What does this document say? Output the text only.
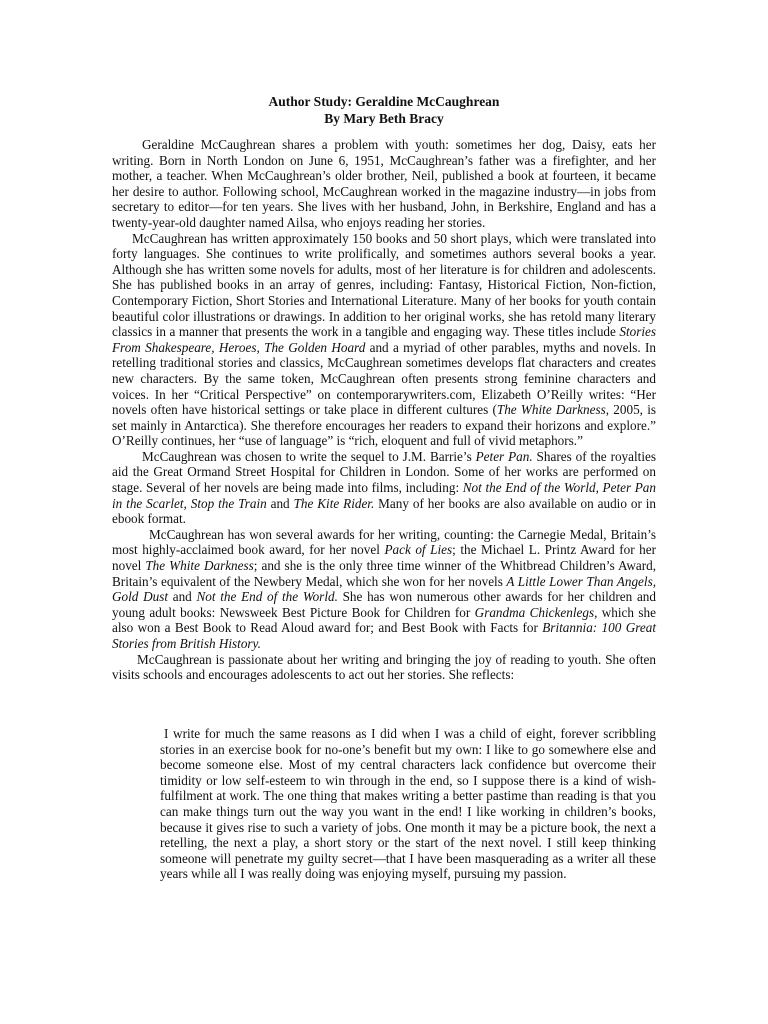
Author Study: Geraldine McCaughrean
By Mary Beth Bracy

Geraldine McCaughrean shares a problem with youth: sometimes her dog, Daisy, eats her writing. Born in North London on June 6, 1951, McCaughrean’s father was a firefighter, and her mother, a teacher. When McCaughrean’s older brother, Neil, published a book at fourteen, it became her desire to author. Following school, McCaughrean worked in the magazine industry—in jobs from secretary to editor—for ten years. She lives with her husband, John, in Berkshire, England and has a twenty-year-old daughter named Ailsa, who enjoys reading her stories.

McCaughrean has written approximately 150 books and 50 short plays, which were translated into forty languages. She continues to write prolifically, and sometimes authors several books a year. Although she has written some novels for adults, most of her literature is for children and adolescents. She has published books in an array of genres, including: Fantasy, Historical Fiction, Non-fiction, Contemporary Fiction, Short Stories and International Literature. Many of her books for youth contain beautiful color illustrations or drawings. In addition to her original works, she has retold many literary classics in a manner that presents the work in a tangible and engaging way. These titles include Stories From Shakespeare, Heroes, The Golden Hoard and a myriad of other parables, myths and novels. In retelling traditional stories and classics, McCaughrean sometimes develops flat characters and creates new characters. By the same token, McCaughrean often presents strong feminine characters and voices. In her “Critical Perspective” on contemporarywriters.com, Elizabeth O’Reilly writes: “Her novels often have historical settings or take place in different cultures (The White Darkness, 2005, is set mainly in Antarctica). She therefore encourages her readers to expand their horizons and explore.” O’Reilly continues, her “use of language” is “rich, eloquent and full of vivid metaphors.”

McCaughrean was chosen to write the sequel to J.M. Barrie’s Peter Pan. Shares of the royalties aid the Great Ormand Street Hospital for Children in London. Some of her works are performed on stage. Several of her novels are being made into films, including: Not the End of the World, Peter Pan in the Scarlet, Stop the Train and The Kite Rider. Many of her books are also available on audio or in ebook format.

McCaughrean has won several awards for her writing, counting: the Carnegie Medal, Britain’s most highly-acclaimed book award, for her novel Pack of Lies; the Michael L. Printz Award for her novel The White Darkness; and she is the only three time winner of the Whitbread Children’s Award, Britain’s equivalent of the Newbery Medal, which she won for her novels A Little Lower Than Angels, Gold Dust and Not the End of the World. She has won numerous other awards for her children and young adult books: Newsweek Best Picture Book for Children for Grandma Chickenlegs, which she also won a Best Book to Read Aloud award for; and Best Book with Facts for Britannia: 100 Great Stories from British History.

McCaughrean is passionate about her writing and bringing the joy of reading to youth. She often visits schools and encourages adolescents to act out her stories. She reflects:

I write for much the same reasons as I did when I was a child of eight, forever scribbling stories in an exercise book for no-one’s benefit but my own: I like to go somewhere else and become someone else. Most of my central characters lack confidence but overcome their timidity or low self-esteem to win through in the end, so I suppose there is a kind of wish-fulfilment at work. The one thing that makes writing a better pastime than reading is that you can make things turn out the way you want in the end! I like working in children’s books, because it gives rise to such a variety of jobs. One month it may be a picture book, the next a retelling, the next a play, a short story or the start of the next novel. I still keep thinking someone will penetrate my guilty secret—that I have been masquerading as a writer all these years while all I was really doing was enjoying myself, pursuing my passion.
